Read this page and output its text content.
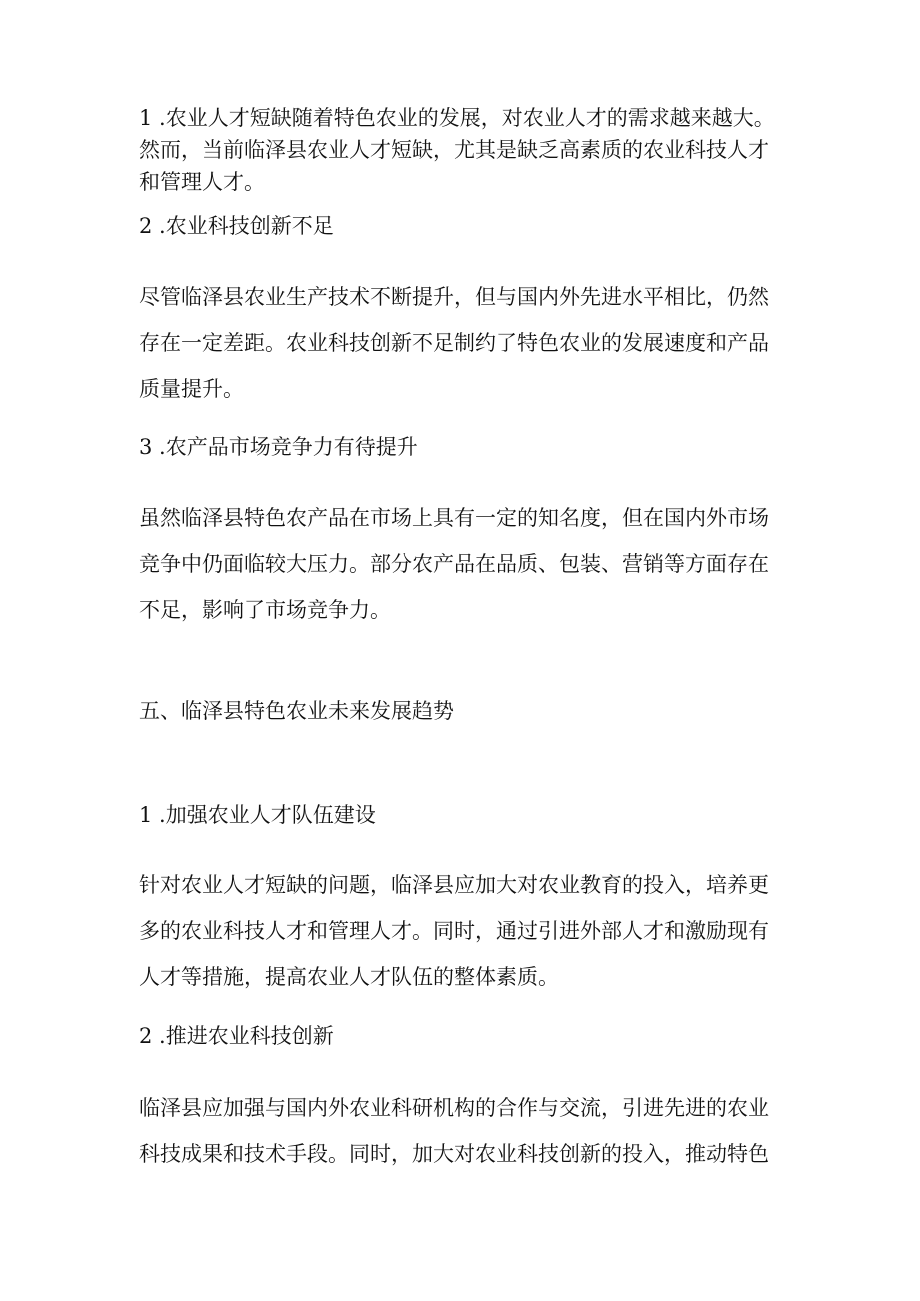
1 .农业人才短缺随着特色农业的发展，对农业人才的需求越来越大。
然而，当前临泽县农业人才短缺，尤其是缺乏高素质的农业科技人才
和管理人才。
2 .农业科技创新不足
尽管临泽县农业生产技术不断提升，但与国内外先进水平相比，仍然
存在一定差距。农业科技创新不足制约了特色农业的发展速度和产品
质量提升。
3 .农产品市场竞争力有待提升
虽然临泽县特色农产品在市场上具有一定的知名度，但在国内外市场
竞争中仍面临较大压力。部分农产品在品质、包装、营销等方面存在
不足，影响了市场竞争力。
五、临泽县特色农业未来发展趋势
1 .加强农业人才队伍建设
针对农业人才短缺的问题，临泽县应加大对农业教育的投入，培养更
多的农业科技人才和管理人才。同时，通过引进外部人才和激励现有
人才等措施，提高农业人才队伍的整体素质。
2 .推进农业科技创新
临泽县应加强与国内外农业科研机构的合作与交流，引进先进的农业
科技成果和技术手段。同时，加大对农业科技创新的投入，推动特色
